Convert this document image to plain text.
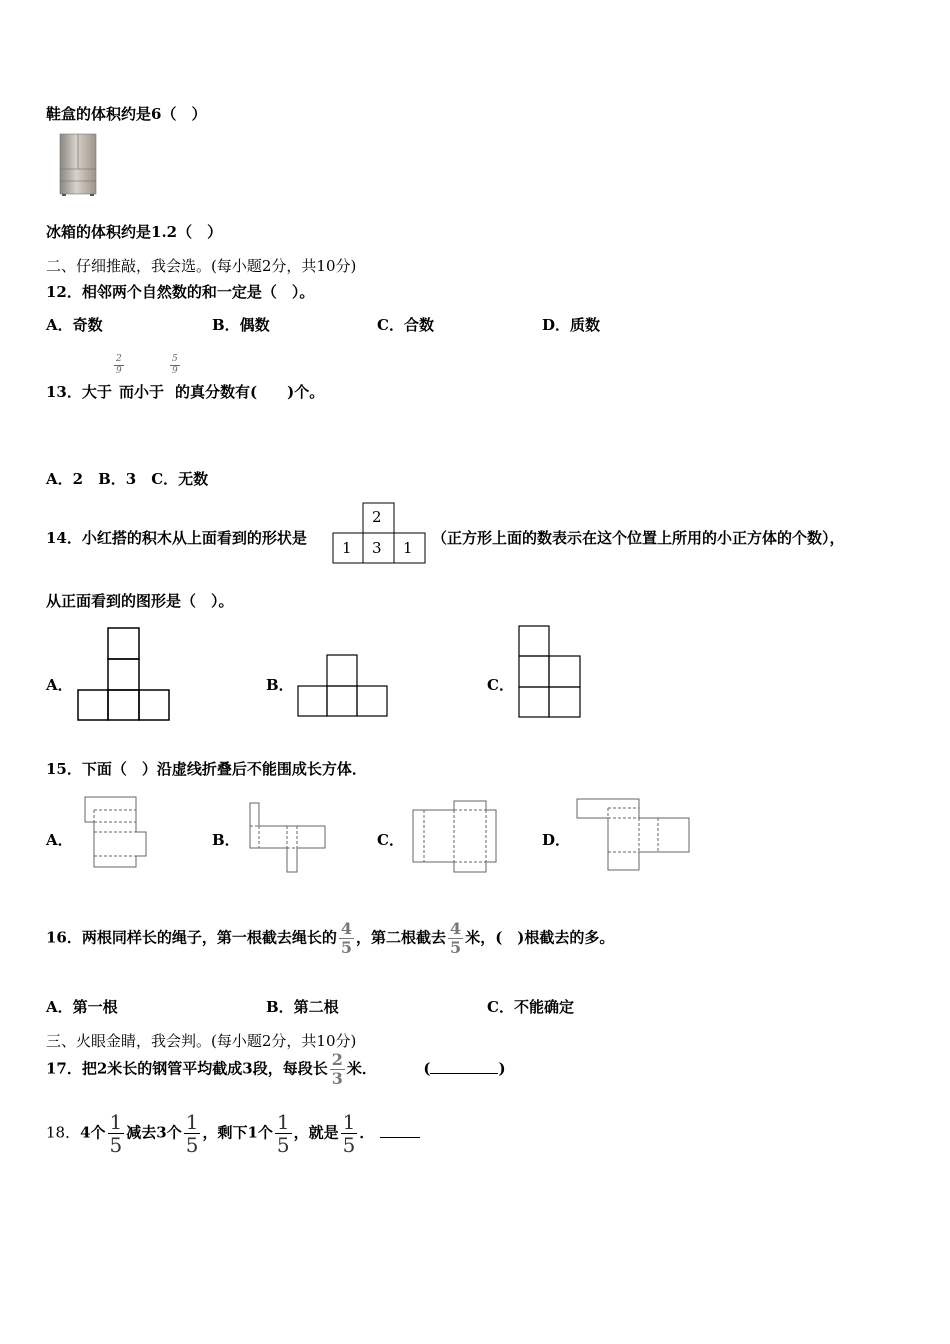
鞋盒的体积约是6（　）
冰箱的体积约是1.2（　）
二、仔细推敲，我会选。(每小题2分，共10分)
12．相邻两个自然数的和一定是（　）。
A．奇数	B．偶数	C．合数	D．质数
13．大于
$\frac{2}{9}$
而小于
$\frac{5}{9}$
的真分数有(　　)个。
A．2　B．3　C．无数
14．小红搭的积木从上面看到的形状是
2
1 3 1
（正方形上面的数表示在这个位置上所用的小正方体的个数），
从正面看到的图形是（　）。
A．	B．	C．
15．下面（　）沿虚线折叠后不能围成长方体．
A．	B．	C．	D．
16．两根同样长的绳子，第一根截去绳长的 $\frac{4}{5}$ ，第二根截去 $\frac{4}{5}$ 米，(　)根截去的多。
A．第一根	B．第二根	C．不能确定
三、火眼金睛，我会判。(每小题2分，共10分)
17．把2米长的钢管平均截成3段，每段长 $\frac{2}{3}$ 米．	(	)
18．4个 $\frac{1}{5}$ 减去3个 $\frac{1}{5}$ ，剩下1个 $\frac{1}{5}$ ，就是 $\frac{1}{5}$ ．
